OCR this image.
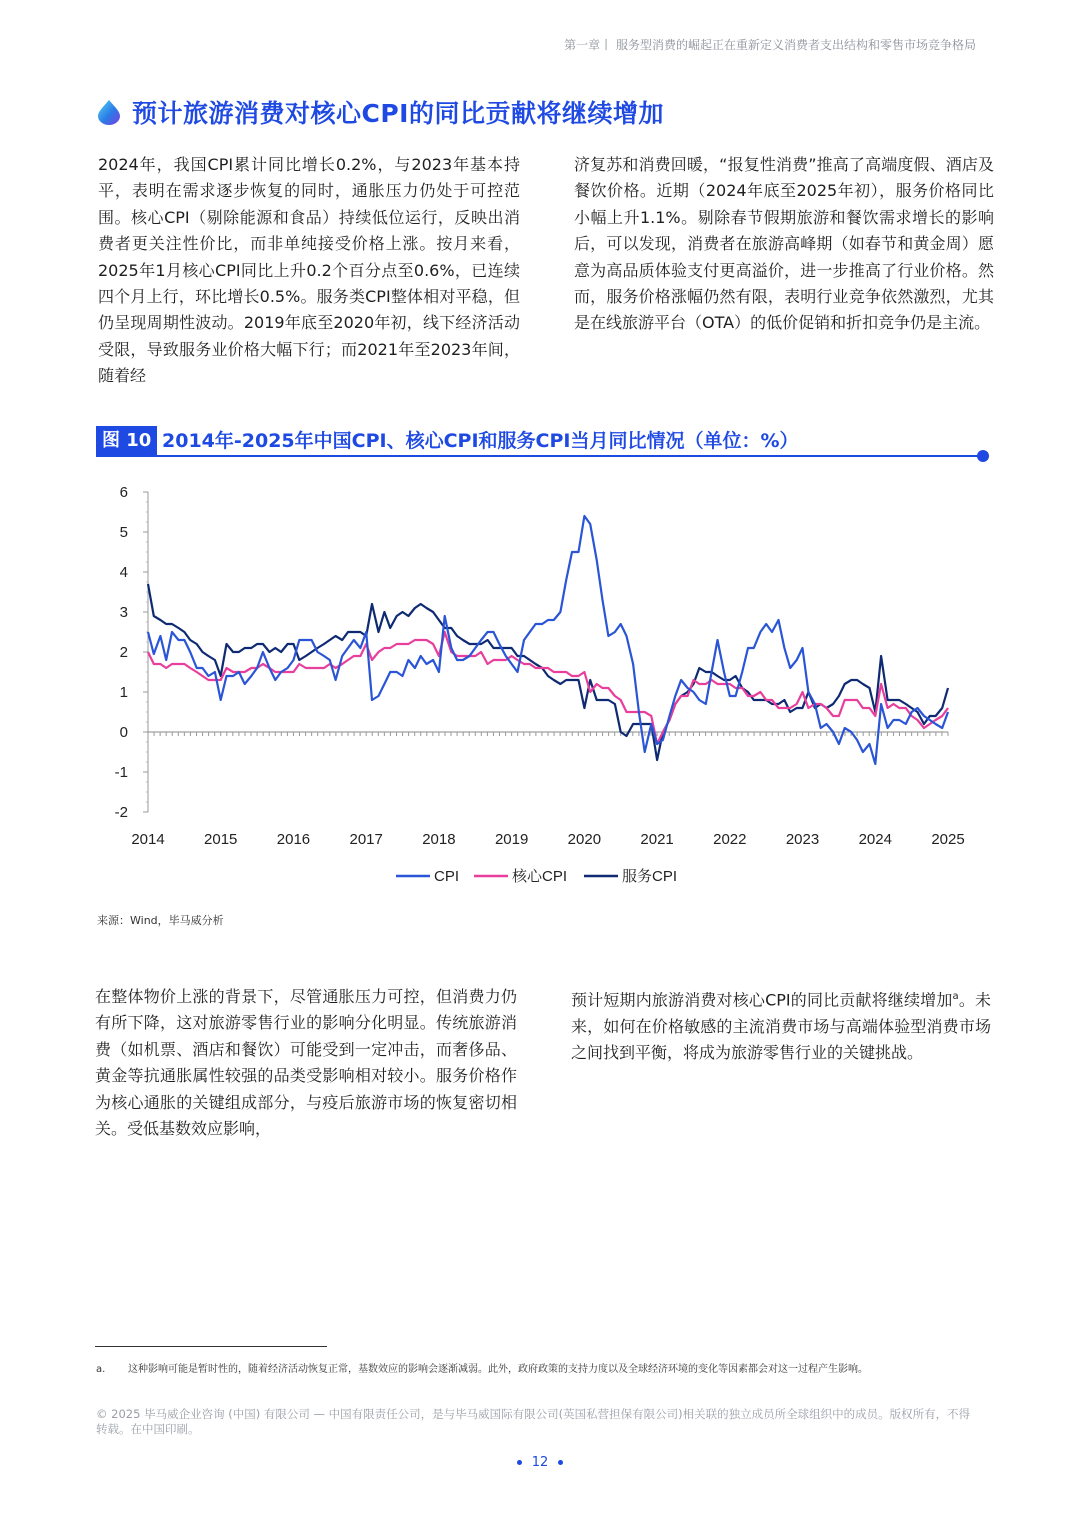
第一章丨 服务型消费的崛起正在重新定义消费者支出结构和零售市场竞争格局
预计旅游消费对核心CPI的同比贡献将继续增加

2024年，我国CPI累计同比增长0.2%，与2023年基本持平，表明在需求逐步恢复的同时，通胀压力仍处于可控范围。核心CPI（剔除能源和食品）持续低位运行，反映出消费者更关注性价比，而非单纯接受价格上涨。按月来看，2025年1月核心CPI同比上升0.2个百分点至0.6%，已连续四个月上行，环比增长0.5%。服务类CPI整体相对平稳，但仍呈现周期性波动。2019年底至2020年初，线下经济活动受限，导致服务业价格大幅下行；而2021年至2023年间，随着经

济复苏和消费回暖，“报复性消费”推高了高端度假、酒店及餐饮价格。近期（2024年底至2025年初），服务价格同比小幅上升1.1%。剔除春节假期旅游和餐饮需求增长的影响后，可以发现，消费者在旅游高峰期（如春节和黄金周）愿意为高品质体验支付更高溢价，进一步推高了行业价格。然而，服务价格涨幅仍然有限，表明行业竞争依然激烈，尤其是在线旅游平台（OTA）的低价促销和折扣竞争仍是主流。

图 10 2014年-2025年中国CPI、核心CPI和服务CPI当月同比情况（单位：%）
6
5
4
3
2
1
0
-1
-2
2014	2015	2016	2017	2018	2019	2020	2021	2022	2023	2024	2025
CPI	核心CPI	服务CPI
来源：Wind，毕马威分析

在整体物价上涨的背景下，尽管通胀压力可控，但消费力仍有所下降，这对旅游零售行业的影响分化明显。传统旅游消费（如机票、酒店和餐饮）可能受到一定冲击，而奢侈品、黄金等抗通胀属性较强的品类受影响相对较小。服务价格作为核心通胀的关键组成部分，与疫后旅游市场的恢复密切相关。受低基数效应影响，

预计短期内旅游消费对核心CPI的同比贡献将继续增加$^a$。未来，如何在价格敏感的主流消费市场与高端体验型消费市场之间找到平衡，将成为旅游零售行业的关键挑战。

a. 这种影响可能是暂时性的，随着经济活动恢复正常，基数效应的影响会逐渐减弱。此外，政府政策的支持力度以及全球经济环境的变化等因素都会对这一过程产生影响。
© 2025 毕马威企业咨询 (中国) 有限公司 — 中国有限责任公司，是与毕马威国际有限公司(英国私营担保有限公司)相关联的独立成员所全球组织中的成员。版权所有，不得转载。在中国印刷。
12
